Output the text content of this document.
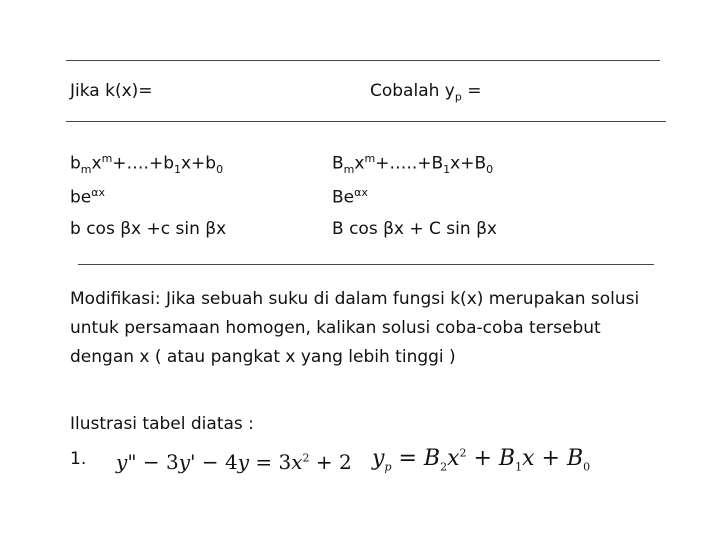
Jika k(x)=	Cobalah $y_p$ =
$b_mx^m+\dots.+b_1x+b_0$
$be^{\alpha x}$
b cos βx +c sin βx
$B_mx^m+\dots..+B_1x+B_0$
$Be^{\alpha x}$
B cos βx + C sin βx
Modifikasi: Jika sebuah suku di dalam fungsi k(x) merupakan solusi untuk persamaan homogen, kalikan solusi coba-coba tersebut dengan x ( atau pangkat x yang lebih tinggi )
Ilustrasi tabel diatas :
1. y" − $3y' - 4y = 3x^2 + 2$ $y_p = B_2x^2 + B_1x + B_0$
